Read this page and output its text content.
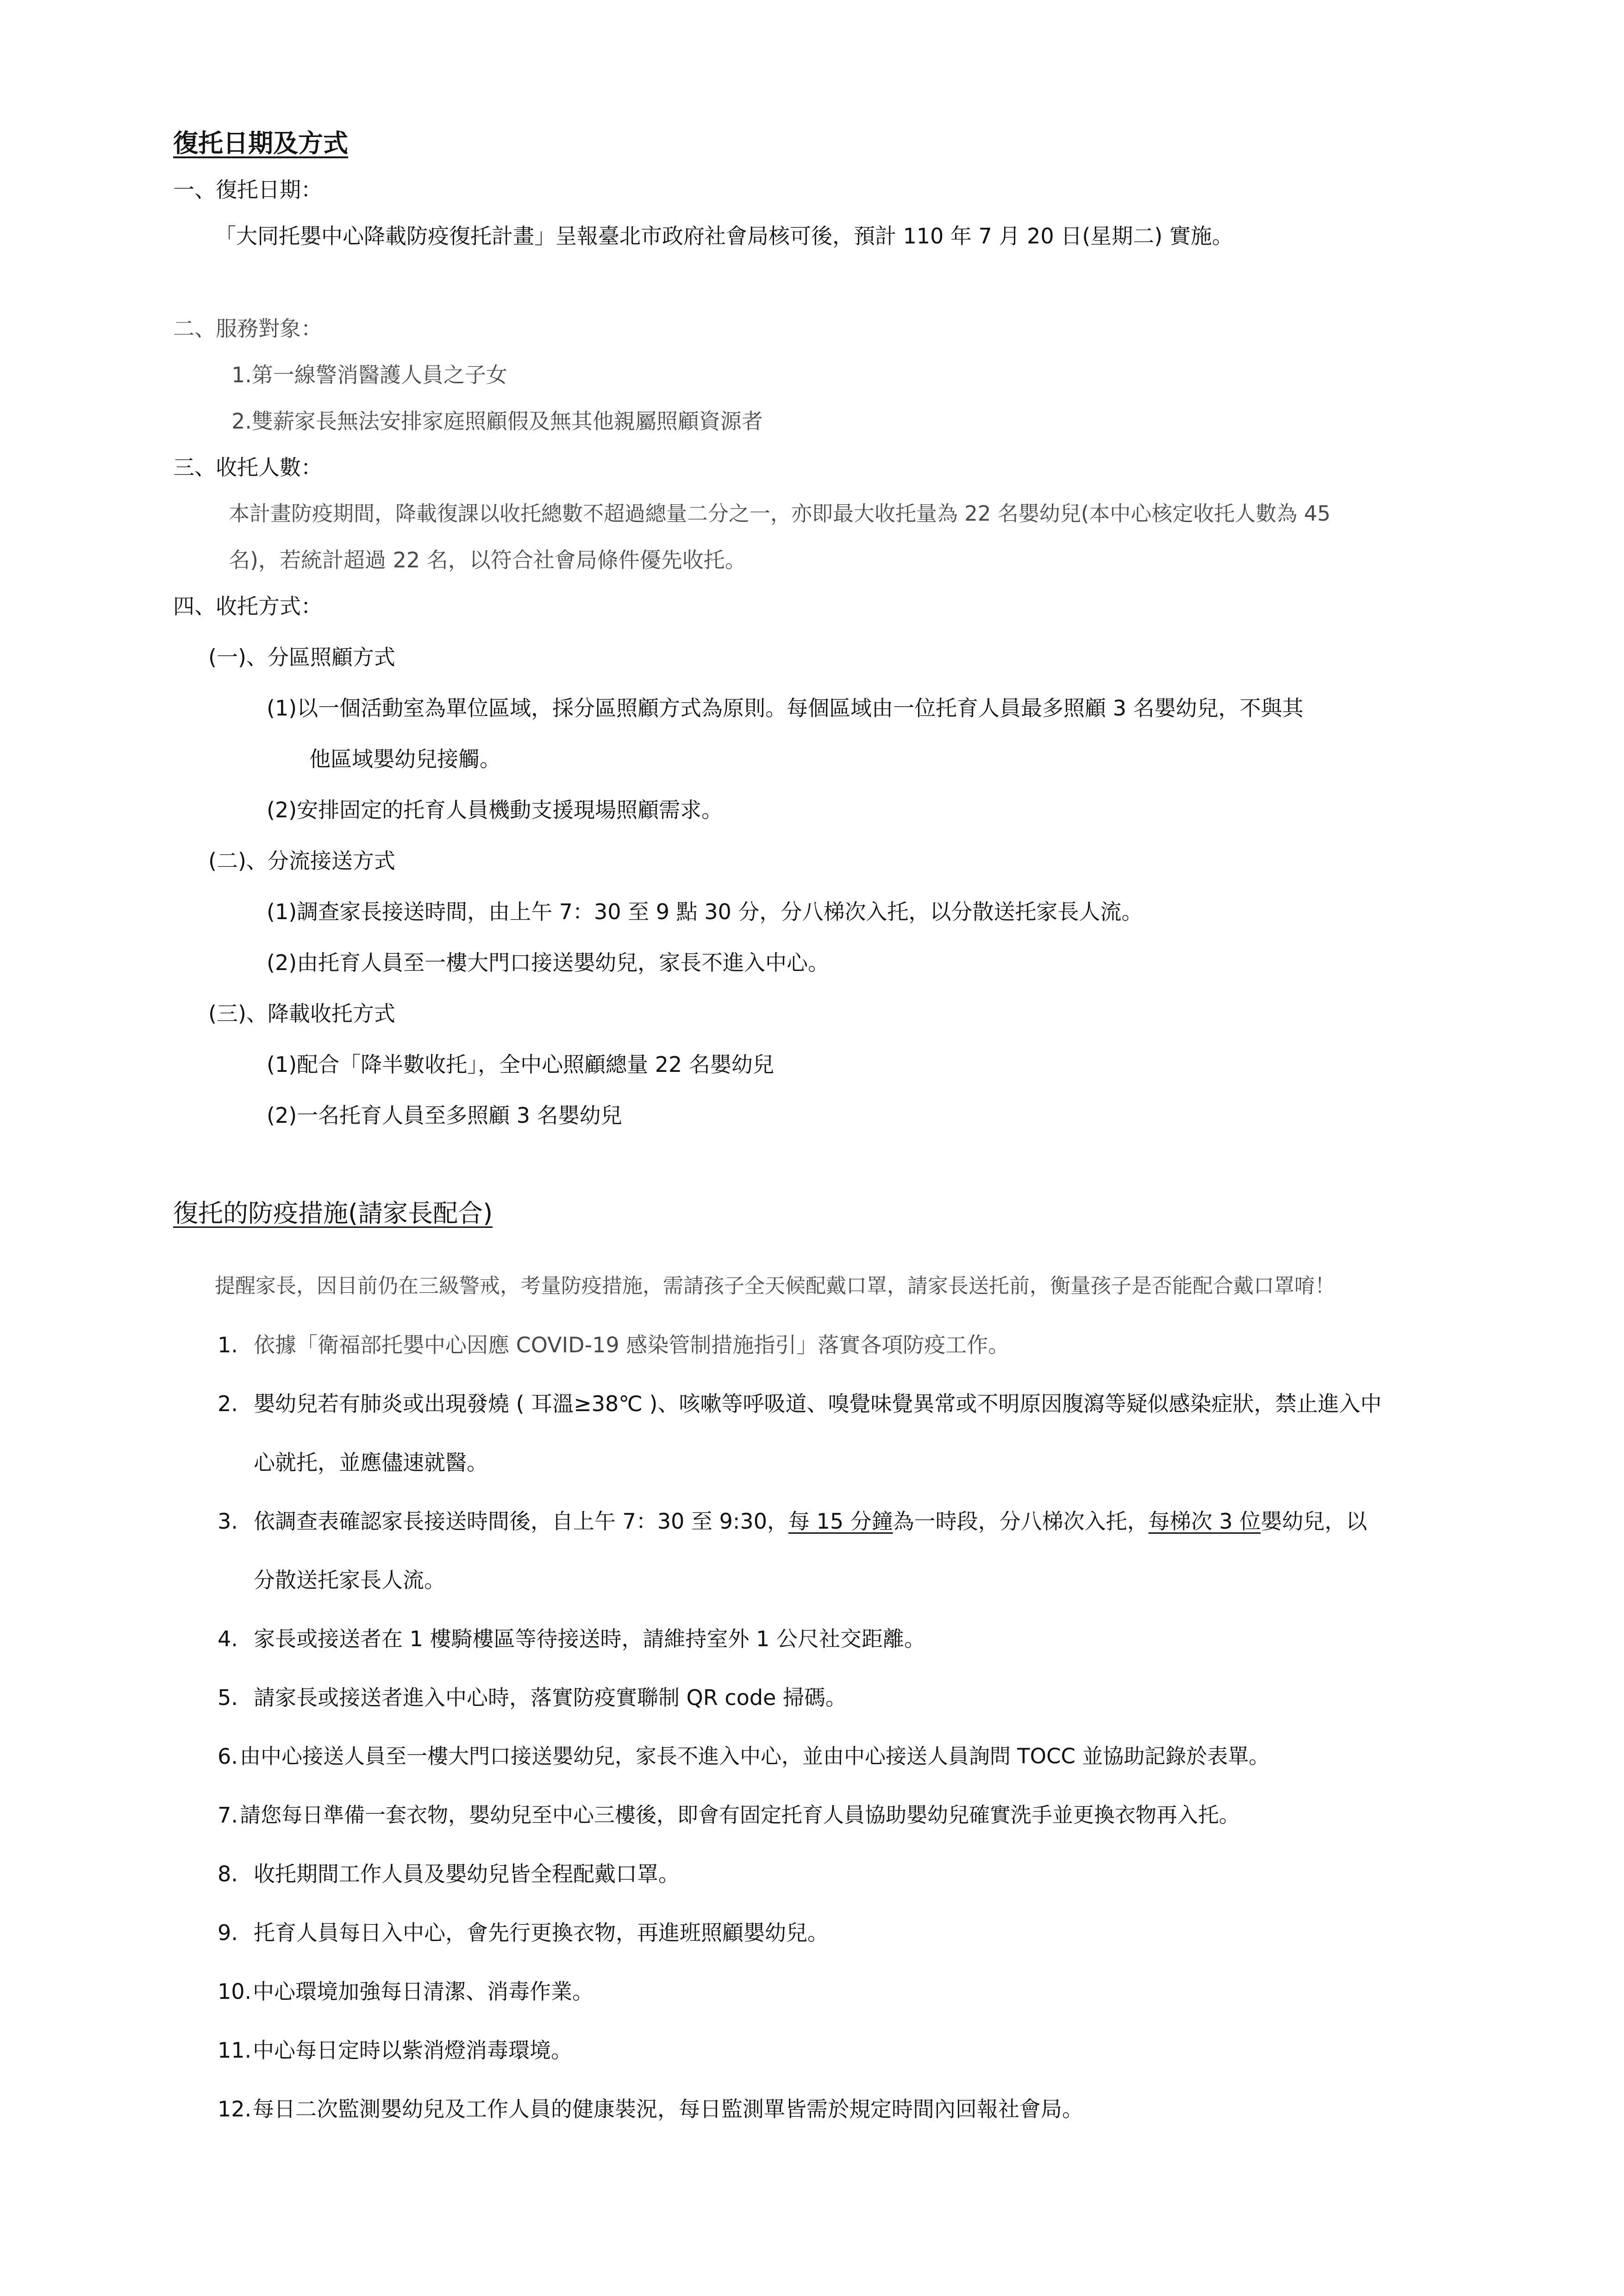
復托日期及方式

一、復托日期：

「大同托嬰中心降載防疫復托計畫」呈報臺北市政府社會局核可後，預計 110 年 7 月 20 日(星期二) 實施。

二、服務對象：

1.第一線警消醫護人員之子女

2.雙薪家長無法安排家庭照顧假及無其他親屬照顧資源者

三、收托人數：

本計畫防疫期間，降載復課以收托總數不超過總量二分之一，亦即最大收托量為 22 名嬰幼兒(本中心核定收托人數為 45

名)，若統計超過 22 名，以符合社會局條件優先收托。

四、收托方式：

(一)、分區照顧方式

(1)以一個活動室為單位區域，採分區照顧方式為原則。每個區域由一位托育人員最多照顧 3 名嬰幼兒，不與其

他區域嬰幼兒接觸。

(2)安排固定的托育人員機動支援現場照顧需求。

(二)、分流接送方式

(1)調查家長接送時間，由上午 7：30 至 9 點 30 分，分八梯次入托，以分散送托家長人流。

(2)由托育人員至一樓大門口接送嬰幼兒，家長不進入中心。

(三)、降載收托方式

(1)配合「降半數收托」，全中心照顧總量 22 名嬰幼兒

(2)一名托育人員至多照顧 3 名嬰幼兒

復托的防疫措施(請家長配合)

提醒家長，因目前仍在三級警戒，考量防疫措施，需請孩子全天候配戴口罩，請家長送托前，衡量孩子是否能配合戴口罩唷！

1. 依據「衛福部托嬰中心因應 COVID-19 感染管制措施指引」落實各項防疫工作。

2. 嬰幼兒若有肺炎或出現發燒 ( 耳溫≥38℃ )、咳嗽等呼吸道、嗅覺味覺異常或不明原因腹瀉等疑似感染症狀，禁止進入中

心就托，並應儘速就醫。

3. 依調查表確認家長接送時間後，自上午 7：30 至 9:30，每 15 分鐘為一時段，分八梯次入托，每梯次 3 位嬰幼兒，以

分散送托家長人流。

4. 家長或接送者在 1 樓騎樓區等待接送時，請維持室外 1 公尺社交距離。

5. 請家長或接送者進入中心時，落實防疫實聯制 QR code 掃碼。

6. 由中心接送人員至一樓大門口接送嬰幼兒，家長不進入中心，並由中心接送人員詢問 TOCC 並協助記錄於表單。

7. 請您每日準備一套衣物，嬰幼兒至中心三樓後，即會有固定托育人員協助嬰幼兒確實洗手並更換衣物再入托。

8. 收托期間工作人員及嬰幼兒皆全程配戴口罩。

9. 托育人員每日入中心，會先行更換衣物，再進班照顧嬰幼兒。

10. 中心環境加強每日清潔、消毒作業。

11. 中心每日定時以紫消燈消毒環境。

12. 每日二次監測嬰幼兒及工作人員的健康裝況，每日監測單皆需於規定時間內回報社會局。
